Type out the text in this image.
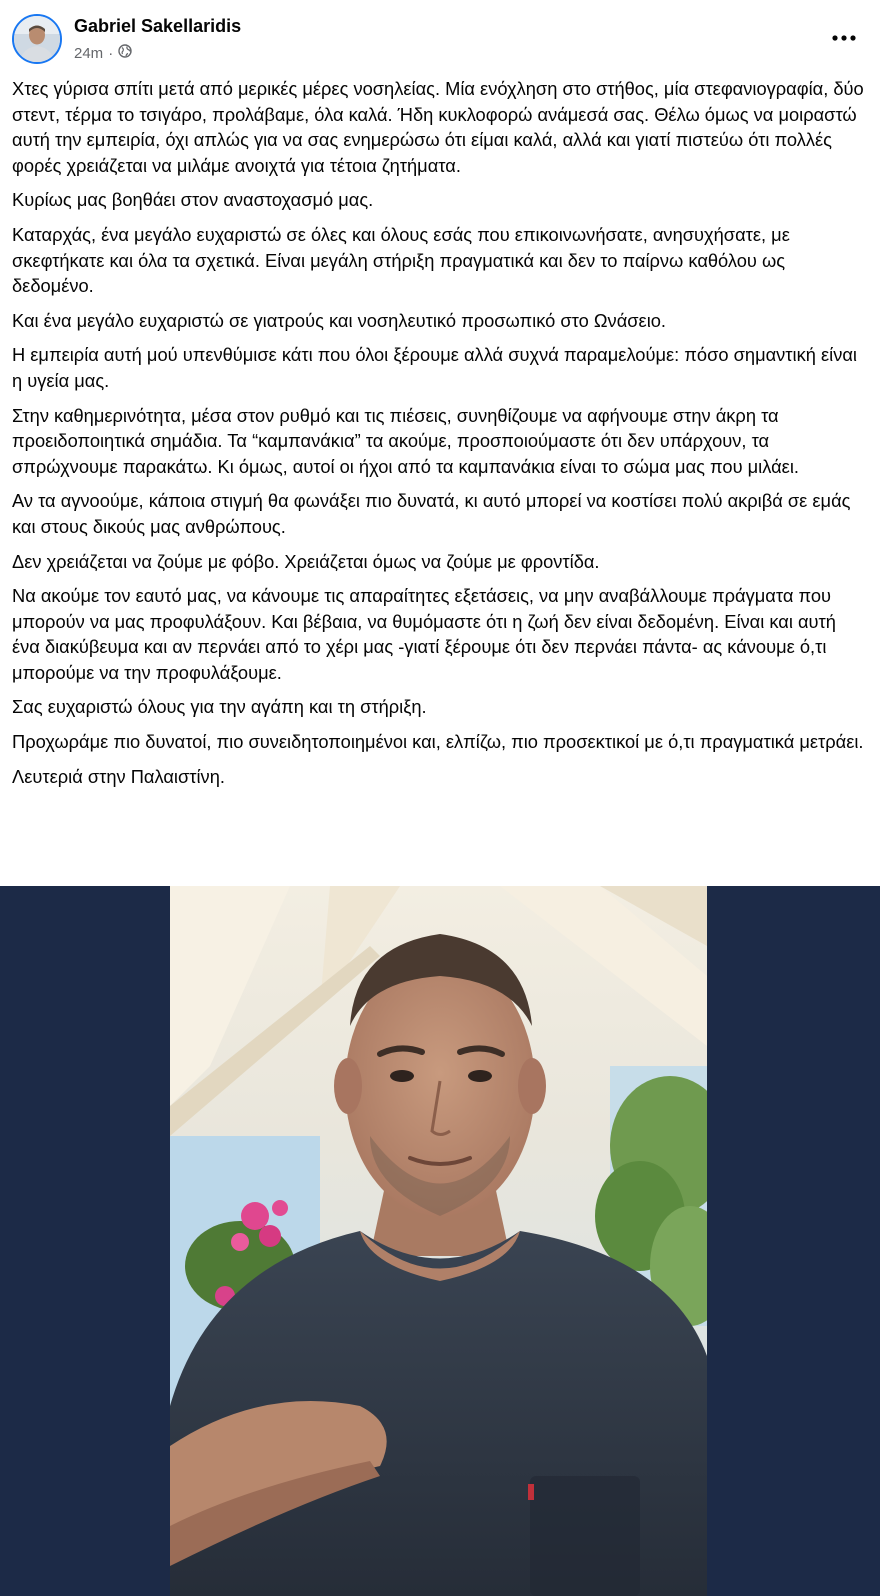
Gabriel Sakellaridis
24m ·

Χτες γύρισα σπίτι μετά από μερικές μέρες νοσηλείας. Μία ενόχληση στο στήθος, μία στεφανιογραφία, δύο στεντ, τέρμα το τσιγάρο, προλάβαμε, όλα καλά. Ήδη κυκλοφορώ ανάμεσά σας. Θέλω όμως να μοιραστώ αυτή την εμπειρία, όχι απλώς για να σας ενημερώσω ότι είμαι καλά, αλλά και γιατί πιστεύω ότι πολλές φορές χρειάζεται να μιλάμε ανοιχτά για τέτοια ζητήματα.

Κυρίως μας βοηθάει στον αναστοχασμό μας.

Καταρχάς, ένα μεγάλο ευχαριστώ σε όλες και όλους εσάς που επικοινωνήσατε, ανησυχήσατε, με σκεφτήκατε και όλα τα σχετικά. Είναι μεγάλη στήριξη πραγματικά και δεν το παίρνω καθόλου ως δεδομένο.

Και ένα μεγάλο ευχαριστώ σε γιατρούς και νοσηλευτικό προσωπικό στο Ωνάσειο.

Η εμπειρία αυτή μού υπενθύμισε κάτι που όλοι ξέρουμε αλλά συχνά παραμελούμε: πόσο σημαντική είναι η υγεία μας.

Στην καθημερινότητα, μέσα στον ρυθμό και τις πιέσεις, συνηθίζουμε να αφήνουμε στην άκρη τα προειδοποιητικά σημάδια. Τα “καμπανάκια” τα ακούμε, προσποιούμαστε ότι δεν υπάρχουν, τα σπρώχνουμε παρακάτω. Κι όμως, αυτοί οι ήχοι από τα καμπανάκια είναι το σώμα μας που μιλάει.

Αν τα αγνοούμε, κάποια στιγμή θα φωνάξει πιο δυνατά, κι αυτό μπορεί να κοστίσει πολύ ακριβά σε εμάς και στους δικούς μας ανθρώπους.

Δεν χρειάζεται να ζούμε με φόβο. Χρειάζεται όμως να ζούμε με φροντίδα.

Να ακούμε τον εαυτό μας, να κάνουμε τις απαραίτητες εξετάσεις, να μην αναβάλλουμε πράγματα που μπορούν να μας προφυλάξουν. Και βέβαια, να θυμόμαστε ότι η ζωή δεν είναι δεδομένη. Είναι και αυτή ένα διακύβευμα και αν περνάει από το χέρι μας -γιατί ξέρουμε ότι δεν περνάει πάντα- ας κάνουμε ό,τι μπορούμε να την προφυλάξουμε.

Σας ευχαριστώ όλους για την αγάπη και τη στήριξη.

Προχωράμε πιο δυνατοί, πιο συνειδητοποιημένοι και, ελπίζω, πιο προσεκτικοί με ό,τι πραγματικά μετράει.

Λευτεριά στην Παλαιστίνη.
